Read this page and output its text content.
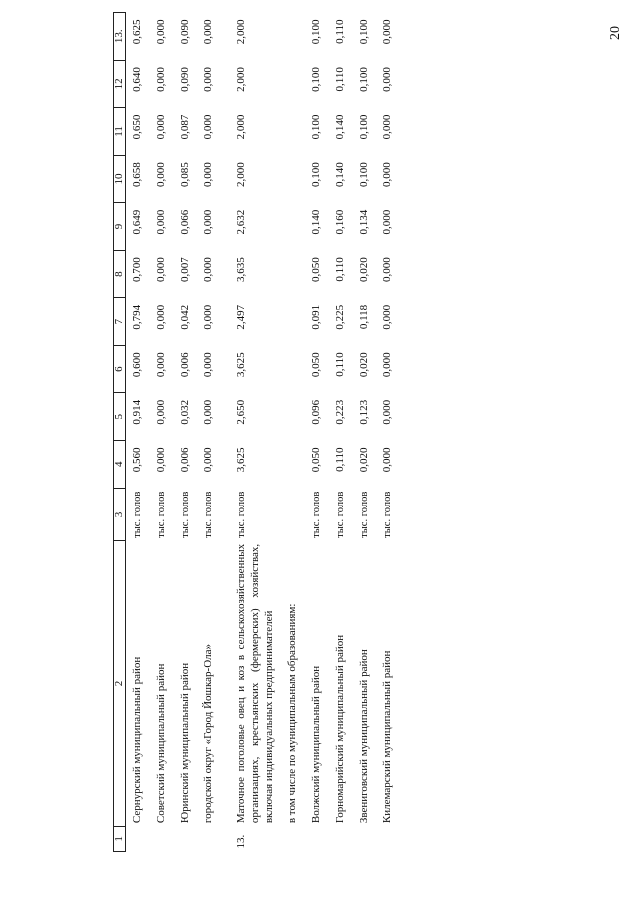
20
1	2	3	4	5	6	7	8	9	10	11	12	13.
	Сернурский муниципальный район	тыс. голов	0,560	0,914	0,600	0,794	0,700	0,649	0,658	0,650	0,640	0,625
	Советский муниципальный район	тыс. голов	0,000	0,000	0,000	0,000	0,000	0,000	0,000	0,000	0,000	0,000
	Юринский муниципальный район	тыс. голов	0,006	0,032	0,006	0,042	0,007	0,066	0,085	0,087	0,090	0,090
	городской округ «Город Йошкар-Ола»	тыс. голов	0,000	0,000	0,000	0,000	0,000	0,000	0,000	0,000	0,000	0,000
13.	Маточное поголовье овец и коз в сельскохозяйственных организациях, крестьянских (фермерских) хозяйствах, включая индивидуальных предпринимателей	тыс. голов	3,625	2,650	3,625	2,497	3,635	2,632	2,000	2,000	2,000	2,000
	в том числе по муниципальным образованиям:											
	Волжский муниципальный район	тыс. голов	0,050	0,096	0,050	0,091	0,050	0,140	0,100	0,100	0,100	0,100
	Горномарийский муниципальный район	тыс. голов	0,110	0,223	0,110	0,225	0,110	0,160	0,140	0,140	0,110	0,110
	Звениговский муниципальный район	тыс. голов	0,020	0,123	0,020	0,118	0,020	0,134	0,100	0,100	0,100	0,100
	Килемарский муниципальный район	тыс. голов	0,000	0,000	0,000	0,000	0,000	0,000	0,000	0,000	0,000	0,000
